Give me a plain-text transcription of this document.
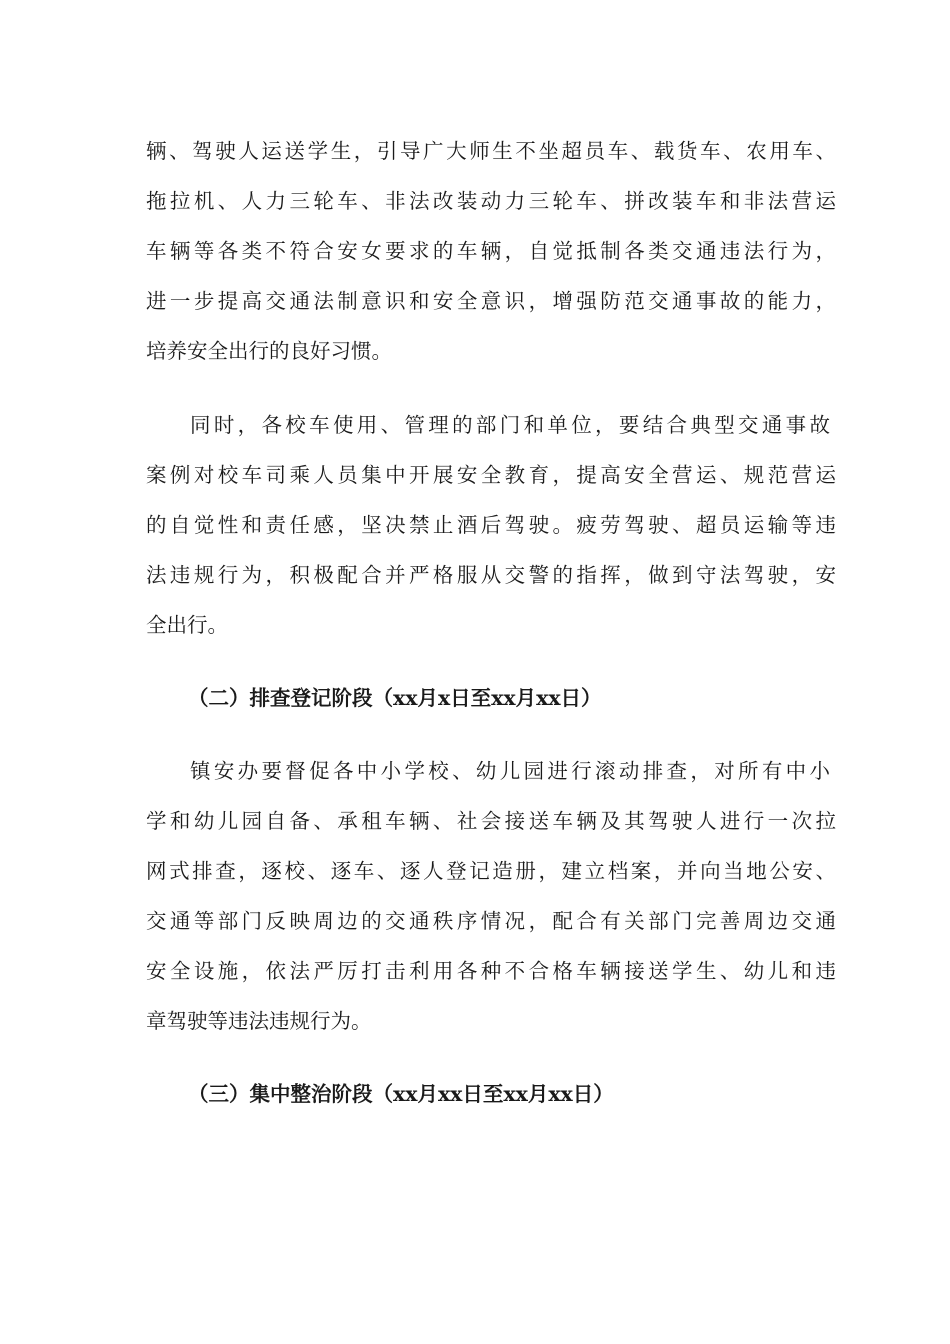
辆、驾驶人运送学生，引导广大师生不坐超员车、载货车、农用车、
拖拉机、人力三轮车、非法改装动力三轮车、拼改装车和非法营运
车辆等各类不符合安女要求的车辆，自觉抵制各类交通违法行为，
进一步提高交通法制意识和安全意识，增强防范交通事故的能力，
培养安全出行的良好习惯。
同时，各校车使用、管理的部门和单位，要结合典型交通事故
案例对校车司乘人员集中开展安全教育，提高安全营运、规范营运
的自觉性和责任感，坚决禁止酒后驾驶。疲劳驾驶、超员运输等违
法违规行为，积极配合并严格服从交警的指挥，做到守法驾驶，安
全出行。
（二）排查登记阶段（xx月x日至xx月xx日）
镇安办要督促各中小学校、幼儿园进行滚动排查，对所有中小
学和幼儿园自备、承租车辆、社会接送车辆及其驾驶人进行一次拉
网式排查，逐校、逐车、逐人登记造册，建立档案，并向当地公安、
交通等部门反映周边的交通秩序情况，配合有关部门完善周边交通
安全设施，依法严厉打击利用各种不合格车辆接送学生、幼儿和违
章驾驶等违法违规行为。
（三）集中整治阶段（xx月xx日至xx月xx日）
